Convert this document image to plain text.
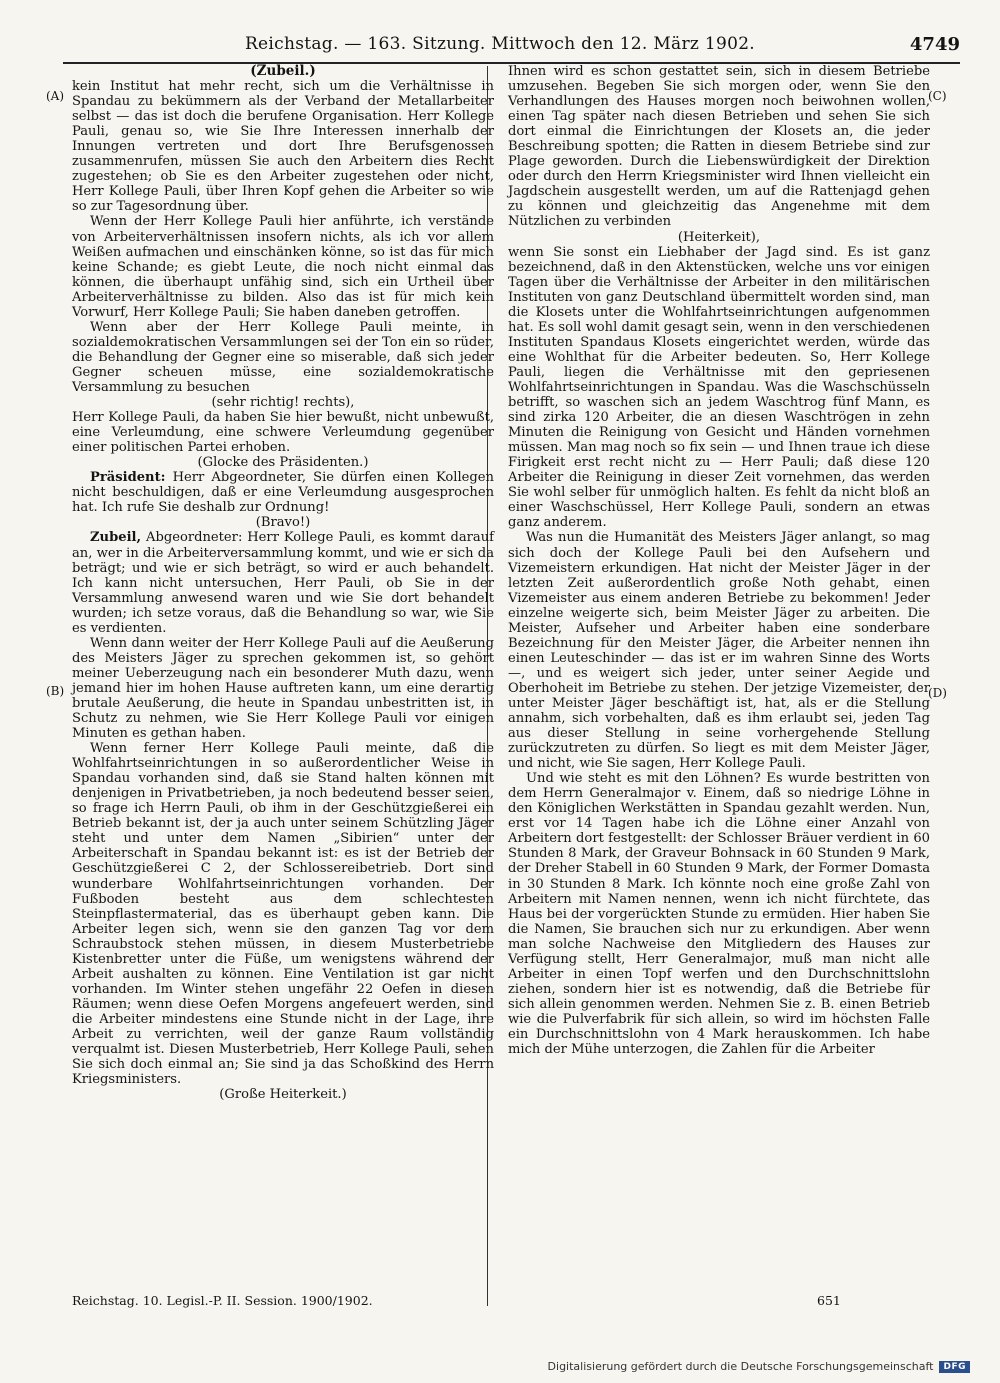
Reichstag. — 163. Sitzung. Mittwoch den 12. März 1902.	4749
(A)
(B)
(C)
(D)
(Zubeil.)

kein Institut hat mehr recht, sich um die Verhältnisse in Spandau zu bekümmern als der Verband der Metallarbeiter selbst — das ist doch die berufene Organisation. Herr Kollege Pauli, genau so, wie Sie Ihre Interessen innerhalb der Innungen vertreten und dort Ihre Berufsgenossen zusammenrufen, müssen Sie auch den Arbeitern dies Recht zugestehen; ob Sie es den Arbeiter zugestehen oder nicht, Herr Kollege Pauli, über Ihren Kopf gehen die Arbeiter so wie so zur Tagesordnung über.

Wenn der Herr Kollege Pauli hier anführte, ich verstände von Arbeiterverhältnissen insofern nichts, als ich vor allem Weißen aufmachen und einschänken könne, so ist das für mich keine Schande; es giebt Leute, die noch nicht einmal das können, die überhaupt unfähig sind, sich ein Urtheil über Arbeiterverhältnisse zu bilden. Also das ist für mich kein Vorwurf, Herr Kollege Pauli; Sie haben daneben getroffen.

Wenn aber der Herr Kollege Pauli meinte, in sozialdemokratischen Versammlungen sei der Ton ein so rüder, die Behandlung der Gegner eine so miserable, daß sich jeder Gegner scheuen müsse, eine sozialdemokratische Versammlung zu besuchen

(sehr richtig! rechts),

Herr Kollege Pauli, da haben Sie hier bewußt, nicht unbewußt, eine Verleumdung, eine schwere Verleumdung gegenüber einer politischen Partei erhoben.

(Glocke des Präsidenten.)

Präsident: Herr Abgeordneter, Sie dürfen einen Kollegen nicht beschuldigen, daß er eine Verleumdung ausgesprochen hat. Ich rufe Sie deshalb zur Ordnung!

(Bravo!)

Zubeil, Abgeordneter: Herr Kollege Pauli, es kommt darauf an, wer in die Arbeiterversammlung kommt, und wie er sich da beträgt; und wie er sich beträgt, so wird er auch behandelt. Ich kann nicht untersuchen, Herr Pauli, ob Sie in der Versammlung anwesend waren und wie Sie dort behandelt wurden; ich setze voraus, daß die Behandlung so war, wie Sie es verdienten.

Wenn dann weiter der Herr Kollege Pauli auf die Aeußerung des Meisters Jäger zu sprechen gekommen ist, so gehört meiner Ueberzeugung nach ein besonderer Muth dazu, wenn jemand hier im hohen Hause auftreten kann, um eine derartig brutale Aeußerung, die heute in Spandau unbestritten ist, in Schutz zu nehmen, wie Sie Herr Kollege Pauli vor einigen Minuten es gethan haben.

Wenn ferner Herr Kollege Pauli meinte, daß die Wohlfahrtseinrichtungen in so außerordentlicher Weise in Spandau vorhanden sind, daß sie Stand halten können mit denjenigen in Privatbetrieben, ja noch bedeutend besser seien, so frage ich Herrn Pauli, ob ihm in der Geschützgießerei ein Betrieb bekannt ist, der ja auch unter seinem Schützling Jäger steht und unter dem Namen „Sibirien“ unter der Arbeiterschaft in Spandau bekannt ist: es ist der Betrieb der Geschützgießerei C 2, der Schlossereibetrieb. Dort sind wunderbare Wohlfahrtseinrichtungen vorhanden. Der Fußboden besteht aus dem schlechtesten Steinpflastermaterial, das es überhaupt geben kann. Die Arbeiter legen sich, wenn sie den ganzen Tag vor dem Schraubstock stehen müssen, in diesem Musterbetriebe Kistenbretter unter die Füße, um wenigstens während der Arbeit aushalten zu können. Eine Ventilation ist gar nicht vorhanden. Im Winter stehen ungefähr 22 Oefen in diesen Räumen; wenn diese Oefen Morgens angefeuert werden, sind die Arbeiter mindestens eine Stunde nicht in der Lage, ihre Arbeit zu verrichten, weil der ganze Raum vollständig verqualmt ist. Diesen Musterbetrieb, Herr Kollege Pauli, sehen Sie sich doch einmal an; Sie sind ja das Schoßkind des Herrn Kriegsministers.

(Große Heiterkeit.)

Ihnen wird es schon gestattet sein, sich in diesem Betriebe umzusehen. Begeben Sie sich morgen oder, wenn Sie den Verhandlungen des Hauses morgen noch beiwohnen wollen, einen Tag später nach diesen Betrieben und sehen Sie sich dort einmal die Einrichtungen der Klosets an, die jeder Beschreibung spotten; die Ratten in diesem Betriebe sind zur Plage geworden. Durch die Liebenswürdigkeit der Direktion oder durch den Herrn Kriegsminister wird Ihnen vielleicht ein Jagdschein ausgestellt werden, um auf die Rattenjagd gehen zu können und gleichzeitig das Angenehme mit dem Nützlichen zu verbinden

(Heiterkeit),

wenn Sie sonst ein Liebhaber der Jagd sind. Es ist ganz bezeichnend, daß in den Aktenstücken, welche uns vor einigen Tagen über die Verhältnisse der Arbeiter in den militärischen Instituten von ganz Deutschland übermittelt worden sind, man die Klosets unter die Wohlfahrtseinrichtungen aufgenommen hat. Es soll wohl damit gesagt sein, wenn in den verschiedenen Instituten Spandaus Klosets eingerichtet werden, würde das eine Wohlthat für die Arbeiter bedeuten. So, Herr Kollege Pauli, liegen die Verhältnisse mit den gepriesenen Wohlfahrtseinrichtungen in Spandau. Was die Waschschüsseln betrifft, so waschen sich an jedem Waschtrog fünf Mann, es sind zirka 120 Arbeiter, die an diesen Waschtrögen in zehn Minuten die Reinigung von Gesicht und Händen vornehmen müssen. Man mag noch so fix sein — und Ihnen traue ich diese Firigkeit erst recht nicht zu — Herr Pauli; daß diese 120 Arbeiter die Reinigung in dieser Zeit vornehmen, das werden Sie wohl selber für unmöglich halten. Es fehlt da nicht bloß an einer Waschschüssel, Herr Kollege Pauli, sondern an etwas ganz anderem.

Was nun die Humanität des Meisters Jäger anlangt, so mag sich doch der Kollege Pauli bei den Aufsehern und Vizemeistern erkundigen. Hat nicht der Meister Jäger in der letzten Zeit außerordentlich große Noth gehabt, einen Vizemeister aus einem anderen Betriebe zu bekommen! Jeder einzelne weigerte sich, beim Meister Jäger zu arbeiten. Die Meister, Aufseher und Arbeiter haben eine sonderbare Bezeichnung für den Meister Jäger, die Arbeiter nennen ihn einen Leuteschinder — das ist er im wahren Sinne des Worts —, und es weigert sich jeder, unter seiner Aegide und Oberhoheit im Betriebe zu stehen. Der jetzige Vizemeister, der unter Meister Jäger beschäftigt ist, hat, als er die Stellung annahm, sich vorbehalten, daß es ihm erlaubt sei, jeden Tag aus dieser Stellung in seine vorhergehende Stellung zurückzutreten zu dürfen. So liegt es mit dem Meister Jäger, und nicht, wie Sie sagen, Herr Kollege Pauli.

Und wie steht es mit den Löhnen? Es wurde bestritten von dem Herrn Generalmajor v. Einem, daß so niedrige Löhne in den Königlichen Werkstätten in Spandau gezahlt werden. Nun, erst vor 14 Tagen habe ich die Löhne einer Anzahl von Arbeitern dort festgestellt: der Schlosser Bräuer verdient in 60 Stunden 8 Mark, der Graveur Bohnsack in 60 Stunden 9 Mark, der Dreher Stabell in 60 Stunden 9 Mark, der Former Domasta in 30 Stunden 8 Mark. Ich könnte noch eine große Zahl von Arbeitern mit Namen nennen, wenn ich nicht fürchtete, das Haus bei der vorgerückten Stunde zu ermüden. Hier haben Sie die Namen, Sie brauchen sich nur zu erkundigen. Aber wenn man solche Nachweise den Mitgliedern des Hauses zur Verfügung stellt, Herr Generalmajor, muß man nicht alle Arbeiter in einen Topf werfen und den Durchschnittslohn ziehen, sondern hier ist es notwendig, daß die Betriebe für sich allein genommen werden. Nehmen Sie z. B. einen Betrieb wie die Pulverfabrik für sich allein, so wird im höchsten Falle ein Durchschnittslohn von 4 Mark herauskommen. Ich habe mich der Mühe unterzogen, die Zahlen für die Arbeiter

Reichstag. 10. Legisl.-P. II. Session. 1900/1902.	651
Digitalisierung gefördert durch die Deutsche Forschungsgemeinschaft	DFG
